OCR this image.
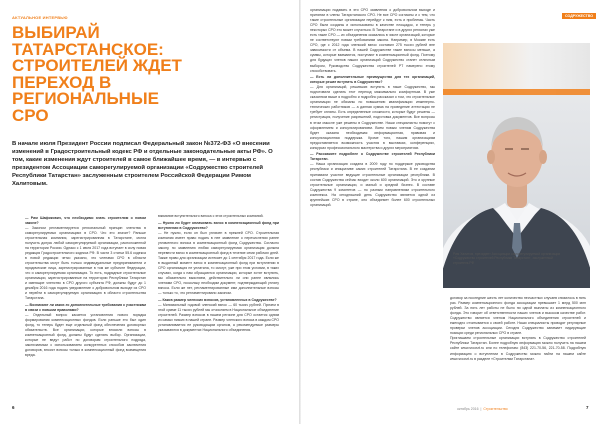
АКТУАЛЬНОЕ ИНТЕРВЬЮ	СОДРУЖЕСТВО
ВЫБИРАЙ ТАТАРСТАНСКОЕ: СТРОИТЕЛЕЙ ЖДЕТ ПЕРЕХОД В РЕГИОНАЛЬНЫЕ СРО
В начале июля Президент России подписал Федеральный закон №372-ФЗ «О внесении изменений в Градостроительный кодекс РФ и отдельные законодательные акты РФ». О том, какие изменения ждут строителей в самое ближайшее время, — в интервью с президентом Ассоциации саморегулируемой организации «Содружество строителей Республики Татарстан» заслуженным строителем Российской Федерации Римом Халитовым.

— Рим Шафикович, что необходимо знать строителям о новом законе?

— Законом регламентируется региональный принцип членства в саморегулируемых организациях в СРО. Что это значит? Раньше строительная компания, зарегистрированная в Татарстане, могла получить допуск любой саморегулируемой организации, расположенной на территории России. Однако с 1 июля 2017 года вступает в силу новая редакция Градостроительного кодекса РФ. В части 3 статьи 55.6 кодекса в новой редакции четко указано, что членами СРО в области строительства могут быть только индивидуальные предприниматели и юридические лица, зарегистрированные в том же субъекте Федерации, что и саморегулируемая организация. То есть, подрядные строительные организации, зарегистрированные на территории Республики Татарстан и имеющие членство в СРО другого субъекта РФ, должны будут до 1 декабря 2016 года подать уведомление о добровольном выходе из СРО и перейти в саморегулируемую организацию в области строительства Татарстана.

— Возникают ли какие-то дополнительные требования к участникам в связи с новыми правилами?

— Отдельный вопрос касается установления нового порядка формирования компенсационных фондов. Если раньше это был один фонд, то теперь будет еще отдельный фонд обеспечения договорных обязательств. Все организации, которые вносили взносы в компенсационный фонд, должны будут сделать выбор. Организации, которые не ведут работ по договорам строительного подряда, заключаемым с использованием конкурентных способов заключения договоров, вносят взносы только в компенсационный фонд возмещения вреда.

взимание вступительного взноса с этих строительных компаний.

— Нужно ли будет оплачивать взнос в компенсационный фонд при вступлении в Содружество?

— Не нужно, если он был уплачен в прежней СРО. Строительная компания имеет право подать в нее заявление о перечислении ранее уплаченного взноса в компенсационный фонд Содружества. Согласно закону, по заявлению любая саморегулируемая организация должна перевести взнос в компенсационный фонд в течение семи рабочих дней. Также право для организации истекает до 1 сентября 2017 года. Если же в выданный момент взнос в компенсационный фонд при вступлении в СРО организация не уплатила, то смогут, уже при этом условии, в таких случаях, когда к нам обращаются организации, которые хотят вступить, мы обязательно выясняем, действительно ли они ранее являлись членами СРО, поскольку необходим документ, подтверждающий уплату взноса. Если же нет, регламентированные ими дополнительные взносы — только то, что регламентировано законом.

— Каков размер членских взносов, установленных в Содружестве?

— Минимальный годовой членский взнос — 60 тысяч рублей. Причем в этой сумме 11 тысяч рублей мы отчисляем в Национальное объединение строителей. Размер взносов в нашем регионе для СРО остается одним из самых низких в нашей стране. Размер членского взноса в каждом СРО устанавливается ее руководящим органом, а рекомендуемые размеры указываются в документах Национального объединения.

организации подавать в эти СРО заявления о добровольном выходе и принятии в члены Татарстанского СРО. Не все СРО согласны и с тем, что такие строительные организации перейдут к ним, есть и проблемы. Часть СРО были созданы и использованы в качестве площадок, и теперь у некоторых СРО это может случиться. В Татарстане и в других регионах уже есть такие СРО — их объединения оказались в числе организаций, которые не соответствуют новым требованиям закона. Например, в Москве есть СРО, где с 2012 года членский взнос составил 275 тысяч рублей вне зависимости от объема. В нашей Содружестве такие взносы меньше, а суммы, которые взимаются, поступают в компенсационный фонд. Поэтому для будущих членов наших организаций Содружество станет отличным выбором, Руководство Содружества строителей РТ намерено этому способствовать.

— Есть ли дополнительные преимущества для тех организаций, которые решат вступить в Содружество?

— Для организаций, решивших вступить в наше Содружество, мы подготовили сделать этот переход максимально комфортным. В уже сказанном выше я подробно и подробно рассказал о том, что строительные организации не обязаны по повышению квалификации инженерно-технических работников — а данная сумма на проведение аттестации не требует оплаты. Есть определенные сложности, которые будут решены — регистрация, получение разрешений, подготовка документов. Все вопросы в этом смысле уже решены в Содружестве. Наши специалисты помогут с оформлением и консультированием. Всем новым членам Содружества будет оказана необходимая информационная, правовая и консультационная поддержка. Кроме того, нашим организациям предоставляется возможность участия в выставках, конференциях, конкурсах профессионального мастерства и других мероприятиях.

— Расскажите подробнее о Содружестве строителей Республики Татарстан.

— Наша организация создана в 2009 году по поддержке руководства республики и инициативе самих строителей Татарстана. В ее создании принимали участие ведущие строительные организации республики. В состав Содружества сейчас входит около 600 организаций. Это и крупные строительные организации, и малый и средний бизнес. В составе Содружества 9 комитетов — по разным направлениям строительного комплекса. На сегодняшний день Содружество является одной из крупнейших СРО в стране, оно объединяет более 600 строительных организаций.

Рим Халитов, президент Ассоциации саморегулируемой организации «Содружество строителей Республики Татарстан», заслуженный строитель РФ

договор за последние шесть лет количество несчастных случаев снизилось в пять раз. Размер компенсационного фонда ассоциации превышает 1 млрд 500 млн рублей. За пять лет работы не было ни одной выплаты из компенсационного фонда. Это говорит об ответственности наших членов и высоком качестве работ. Содружество является членом Национального объединения строителей и ежегодно отчитывается о своей работе. Наши специалисты проводят регулярные проверки членов ассоциации. Сегодня Содружество занимает лидирующие позиции среди региональных СРО в стране.

Приглашаем строительные организации вступать в Содружество строителей Республики Татарстан. Более подробную информацию можно получить на нашем сайте www.sroosrt.ru или по телефонам: (843) 221-70-56, 221-70-58. Подробную информацию о вступлении в Содружество можно найти на нашем сайте www.sroosrt.ru в разделе «Строителям Татарстана».

6	октябрь 2016  |  Строительство	7
